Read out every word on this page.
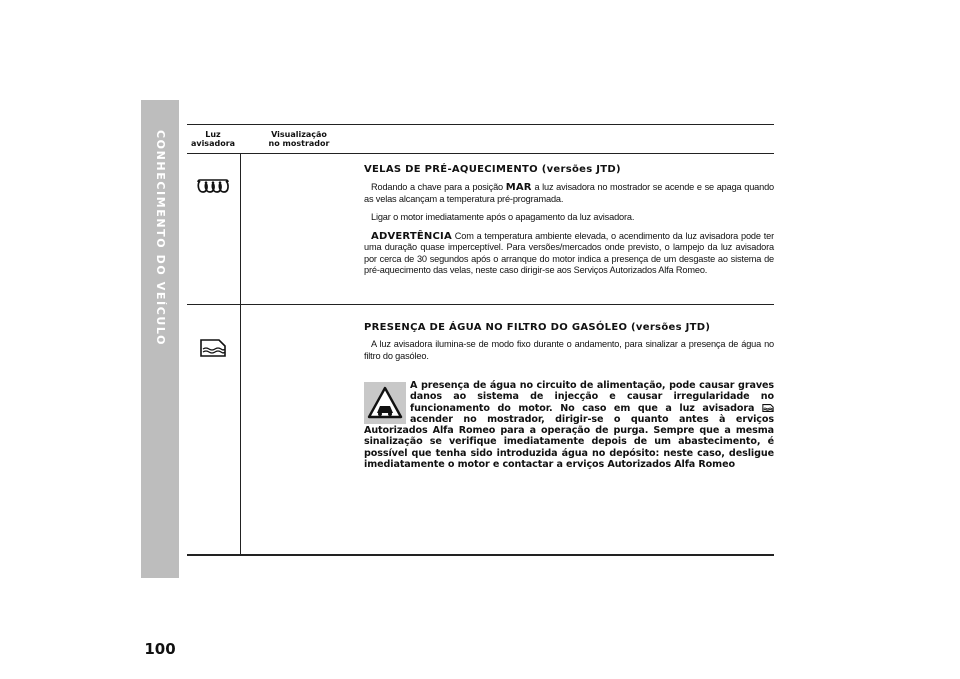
CONHECIMENTO DO VEÍCULO
100
Luz
avisadora
Visualização
no mostrador

VELAS DE PRÉ-AQUECIMENTO (versões JTD)

Rodando a chave para a posição MAR a luz avisadora no mostrador se acende e se apaga quando as velas alcançam a temperatura pré-programada.

Ligar o motor imediatamente após o apagamento da luz avisadora.

ADVERTÊNCIA Com a temperatura ambiente elevada, o acendimento da luz avisadora pode ter uma duração quase imperceptível. Para versões/mercados onde previsto, o lampejo da luz avisadora por cerca de 30 segundos após o arranque do motor indica a presença de um desgaste ao sistema de pré-aquecimento das velas, neste caso dirigir-se aos Serviços Autorizados Alfa Romeo.

PRESENÇA DE ÁGUA NO FILTRO DO GASÓLEO (versões JTD)

A luz avisadora ilumina-se de modo fixo durante o andamento, para sinalizar a presença de água no filtro do gasóleo.

A presença de água no circuito de alimentação, pode causar graves danos ao sistema de injecção e causar irregularidade no funcionamento do motor. No caso em que a luz avisadora  acender no mostrador, dirigir-se o quanto antes à erviços Autorizados Alfa Romeo para a operação de purga. Sempre que a mesma sinalização se verifique imediatamente depois de um abastecimento, é possível que tenha sido introduzida água no depósito: neste caso, desligue imediatamente o motor e contactar a erviços Autorizados Alfa Romeo
